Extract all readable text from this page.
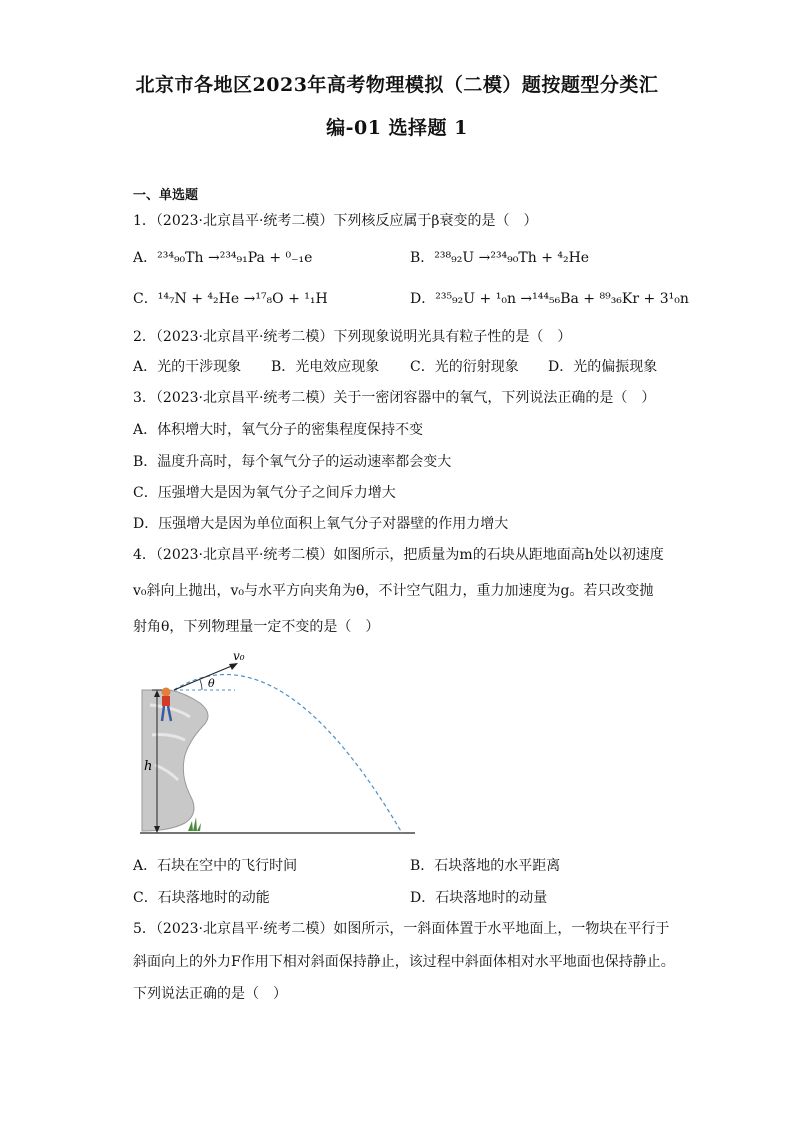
北京市各地区2023年高考物理模拟（二模）题按题型分类汇
编-01 选择题 1
一、单选题
1．（2023·北京昌平·统考二模）下列核反应属于β衰变的是（　）
A．²³⁴₉₀Th →²³⁴₉₁Pa + ⁰₋₁e	B．²³⁸₉₂U →²³⁴₉₀Th + ⁴₂He
C．¹⁴₇N + ⁴₂He →¹⁷₈O + ¹₁H	D．²³⁵₉₂U + ¹₀n →¹⁴⁴₅₆Ba + ⁸⁹₃₆Kr + 3¹₀n
2．（2023·北京昌平·统考二模）下列现象说明光具有粒子性的是（　）
A．光的干涉现象 B．光电效应现象 C．光的衍射现象 D．光的偏振现象
3．（2023·北京昌平·统考二模）关于一密闭容器中的氧气，下列说法正确的是（　）
A．体积增大时，氧气分子的密集程度保持不变
B．温度升高时，每个氧气分子的运动速率都会变大
C．压强增大是因为氧气分子之间斥力增大
D．压强增大是因为单位面积上氧气分子对器壁的作用力增大
4．（2023·北京昌平·统考二模）如图所示，把质量为m的石块从距地面高h处以初速度
v₀斜向上抛出，v₀与水平方向夹角为θ，不计空气阻力，重力加速度为g。若只改变抛
射角θ，下列物理量一定不变的是（　）
h
v₀
θ
A．石块在空中的飞行时间	B．石块落地的水平距离
C．石块落地时的动能	D．石块落地时的动量
5．（2023·北京昌平·统考二模）如图所示，一斜面体置于水平地面上，一物块在平行于
斜面向上的外力F作用下相对斜面保持静止，该过程中斜面体相对水平地面也保持静止。
下列说法正确的是（　）
